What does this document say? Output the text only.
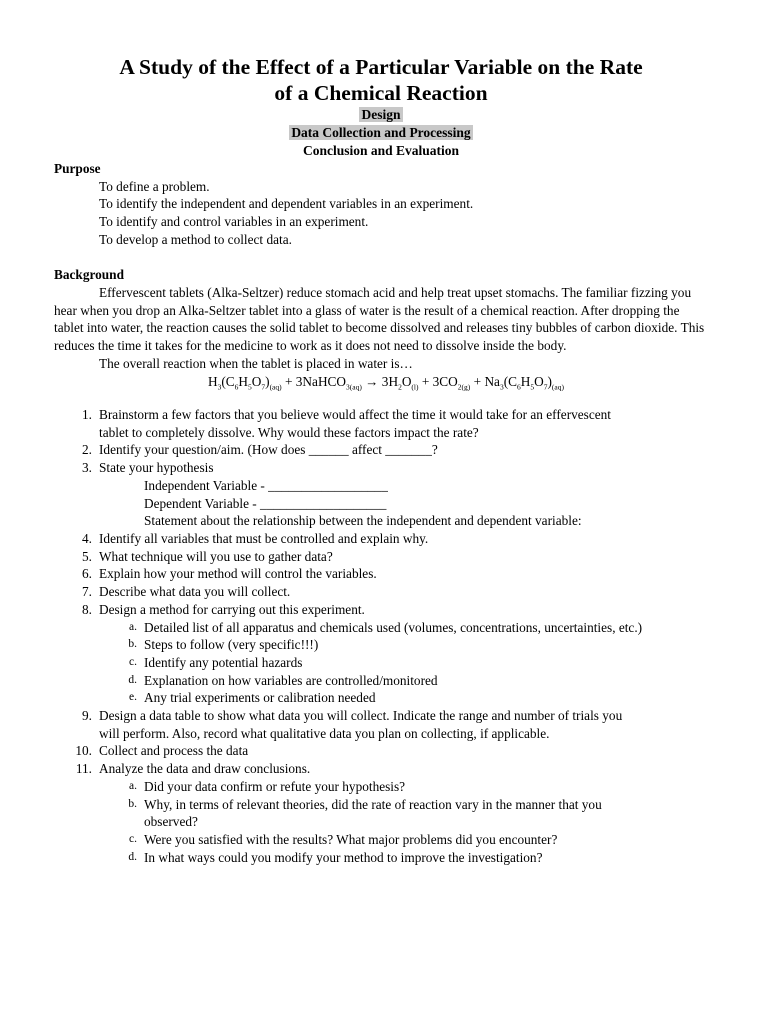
A Study of the Effect of a Particular Variable on the Rate
of a Chemical Reaction
Design
Data Collection and Processing
Conclusion and Evaluation
Purpose
To define a problem.
To identify the independent and dependent variables in an experiment.
To identify and control variables in an experiment.
To develop a method to collect data.
Background

Effervescent tablets (Alka-Seltzer) reduce stomach acid and help treat upset stomachs. The familiar fizzing you hear when you drop an Alka-Seltzer tablet into a glass of water is the result of a chemical reaction. After dropping the tablet into water, the reaction causes the solid tablet to become dissolved and releases tiny bubbles of carbon dioxide. This reduces the time it takes for the medicine to work as it does not need to dissolve inside the body.

The overall reaction when the tablet is placed in water is…
$H_3(C_6H_5O_7)_{(aq)}$ + 3NaHCO$_{3(aq)}$ → $3H_2O_{(l)} + 3CO_{2(g)} + Na_3(C_6H_5O_7)_{(aq)}$
1. Brainstorm a few factors that you believe would affect the time it would take for an effervescent
tablet to completely dissolve. Why would these factors impact the rate?
2. Identify your question/aim. (How does ______ affect _______?
3. State your hypothesis
Independent Variable - __________________
Dependent Variable - ___________________
Statement about the relationship between the independent and dependent variable:
4. Identify all variables that must be controlled and explain why.
5. What technique will you use to gather data?
6. Explain how your method will control the variables.
7. Describe what data you will collect.
8. Design a method for carrying out this experiment.
a. Detailed list of all apparatus and chemicals used (volumes, concentrations, uncertainties, etc.)
b. Steps to follow (very specific!!!)
c. Identify any potential hazards
d. Explanation on how variables are controlled/monitored
e. Any trial experiments or calibration needed
9. Design a data table to show what data you will collect. Indicate the range and number of trials you
will perform. Also, record what qualitative data you plan on collecting, if applicable.
10. Collect and process the data
11. Analyze the data and draw conclusions.
a. Did your data confirm or refute your hypothesis?
b. Why, in terms of relevant theories, did the rate of reaction vary in the manner that you
observed?
c. Were you satisfied with the results? What major problems did you encounter?
d. In what ways could you modify your method to improve the investigation?
